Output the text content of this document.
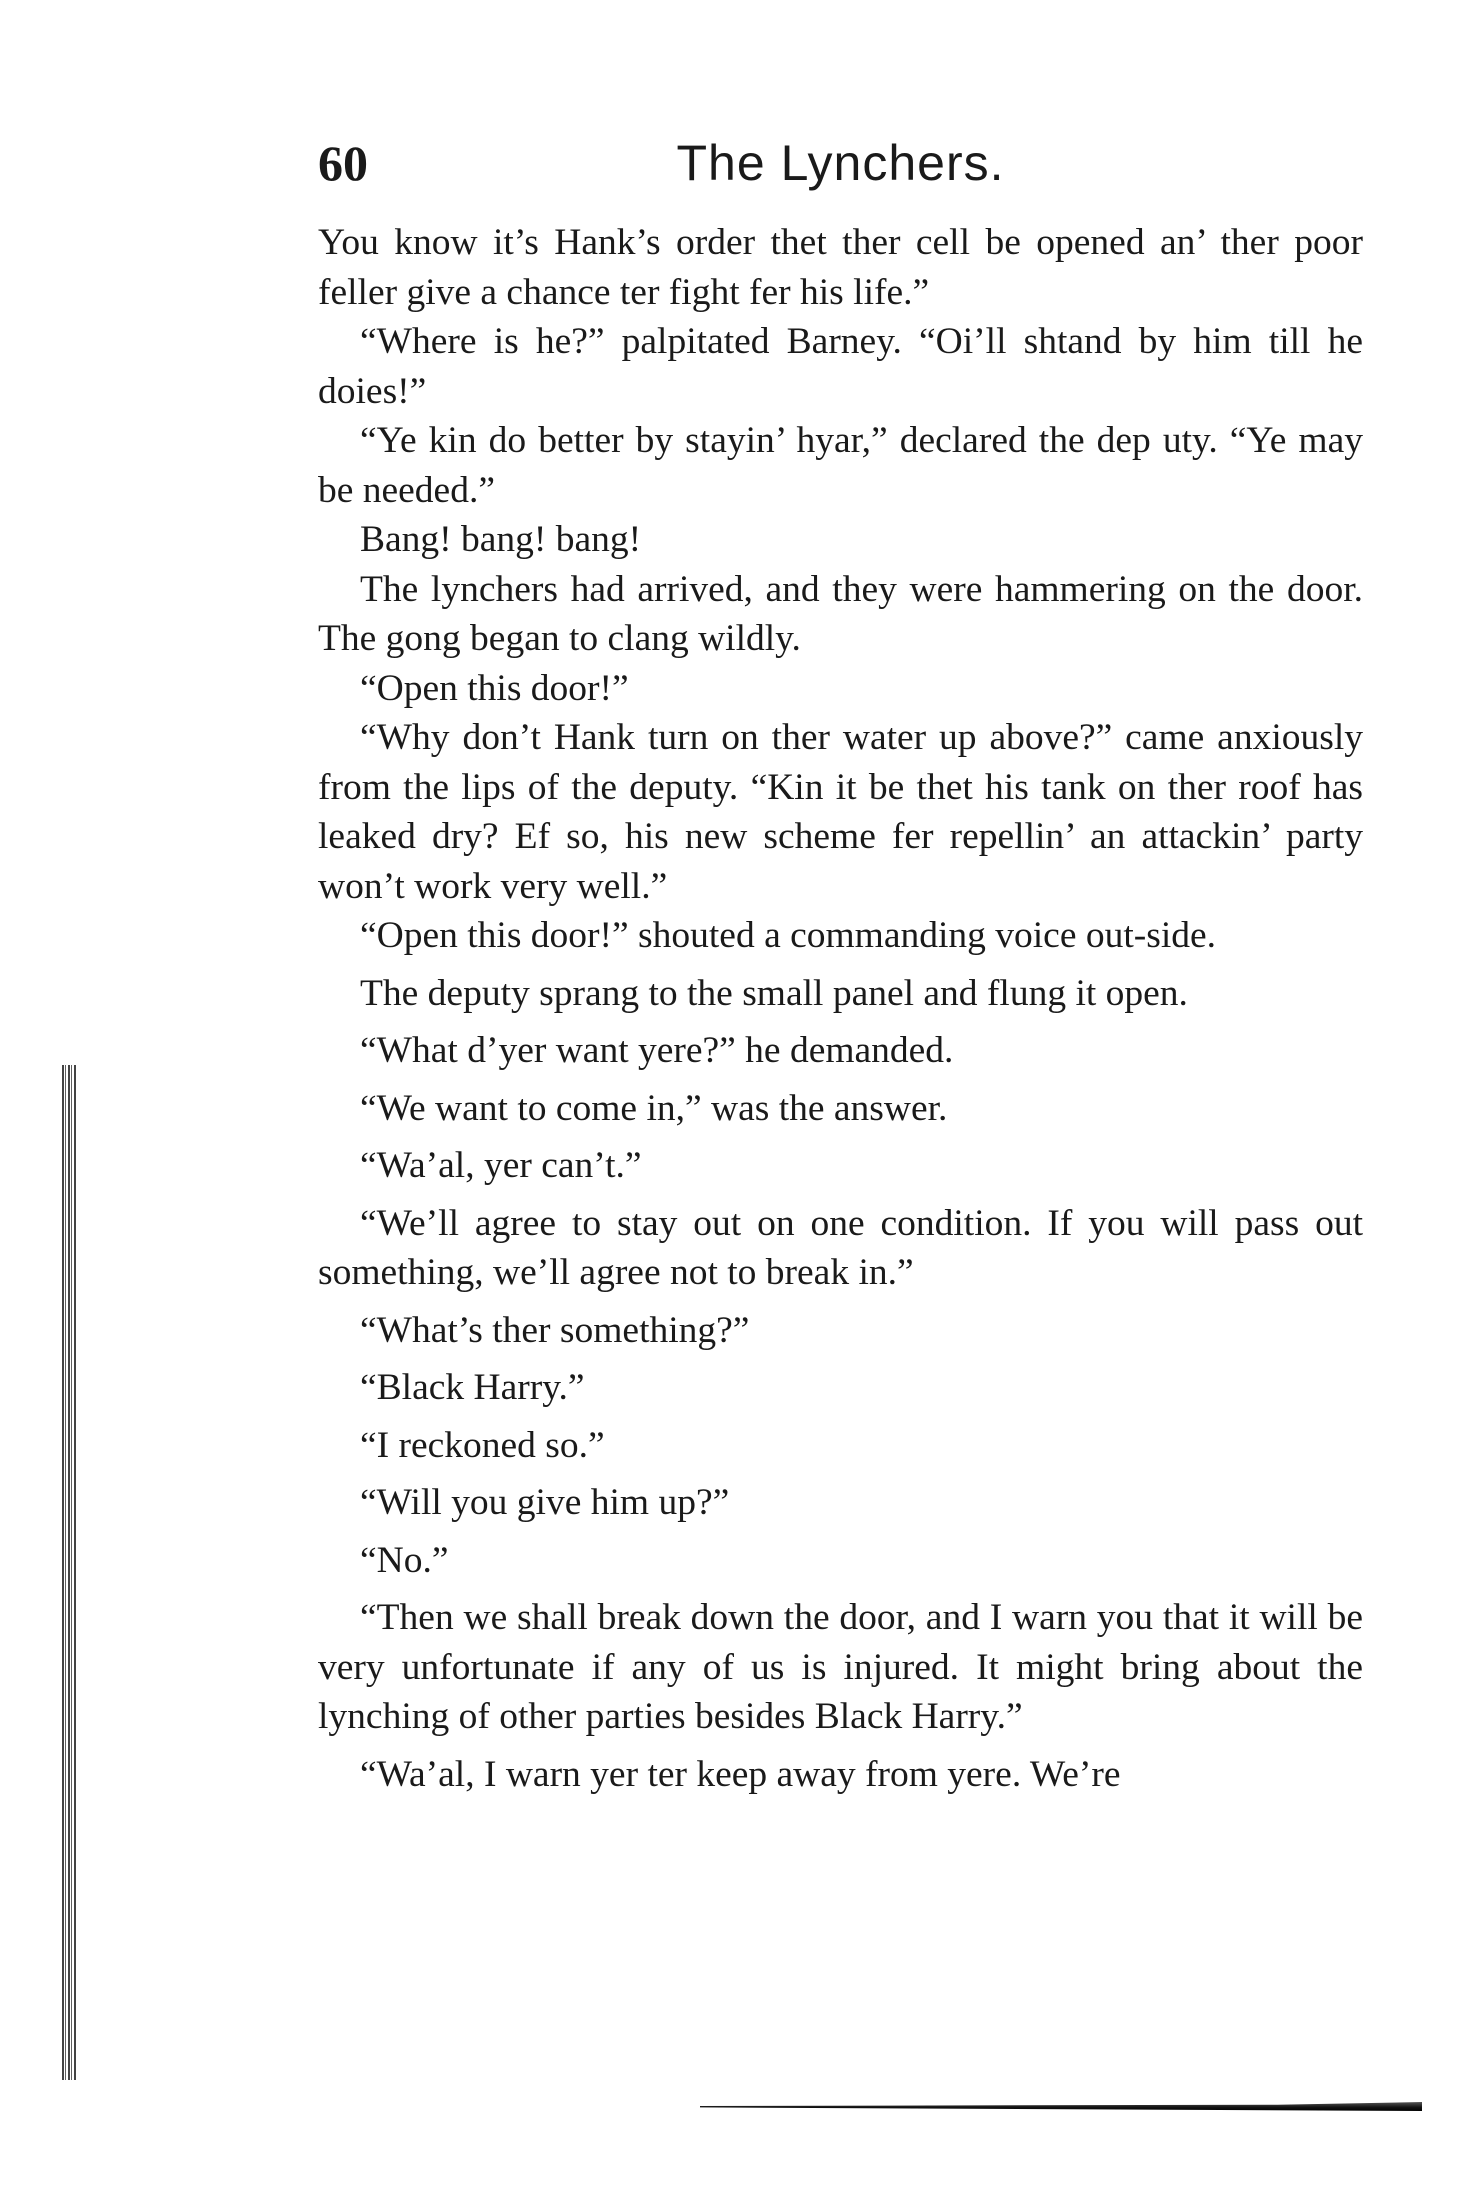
60	The Lynchers.

You know it’s Hank’s order thet ther cell be opened an’ ther poor feller give a chance ter fight fer his life.”

“Where is he?” palpitated Barney. “Oi’ll shtand by him till he doies!”

“Ye kin do better by stayin’ hyar,” declared the dep uty. “Ye may be needed.”

Bang! bang! bang!

The lynchers had arrived, and they were hammering on the door. The gong began to clang wildly.

“Open this door!”

“Why don’t Hank turn on ther water up above?” came anxiously from the lips of the deputy. “Kin it be thet his tank on ther roof has leaked dry? Ef so, his new scheme fer repellin’ an attackin’ party won’t work very well.”

“Open this door!” shouted a commanding voice out-side.

The deputy sprang to the small panel and flung it open.

“What d’yer want yere?” he demanded.

“We want to come in,” was the answer.

“Wa’al, yer can’t.”

“We’ll agree to stay out on one condition. If you will pass out something, we’ll agree not to break in.”

“What’s ther something?”

“Black Harry.”

“I reckoned so.”

“Will you give him up?”

“No.”

“Then we shall break down the door, and I warn you that it will be very unfortunate if any of us is injured. It might bring about the lynching of other parties besides Black Harry.”

“Wa’al, I warn yer ter keep away from yere. We’re
